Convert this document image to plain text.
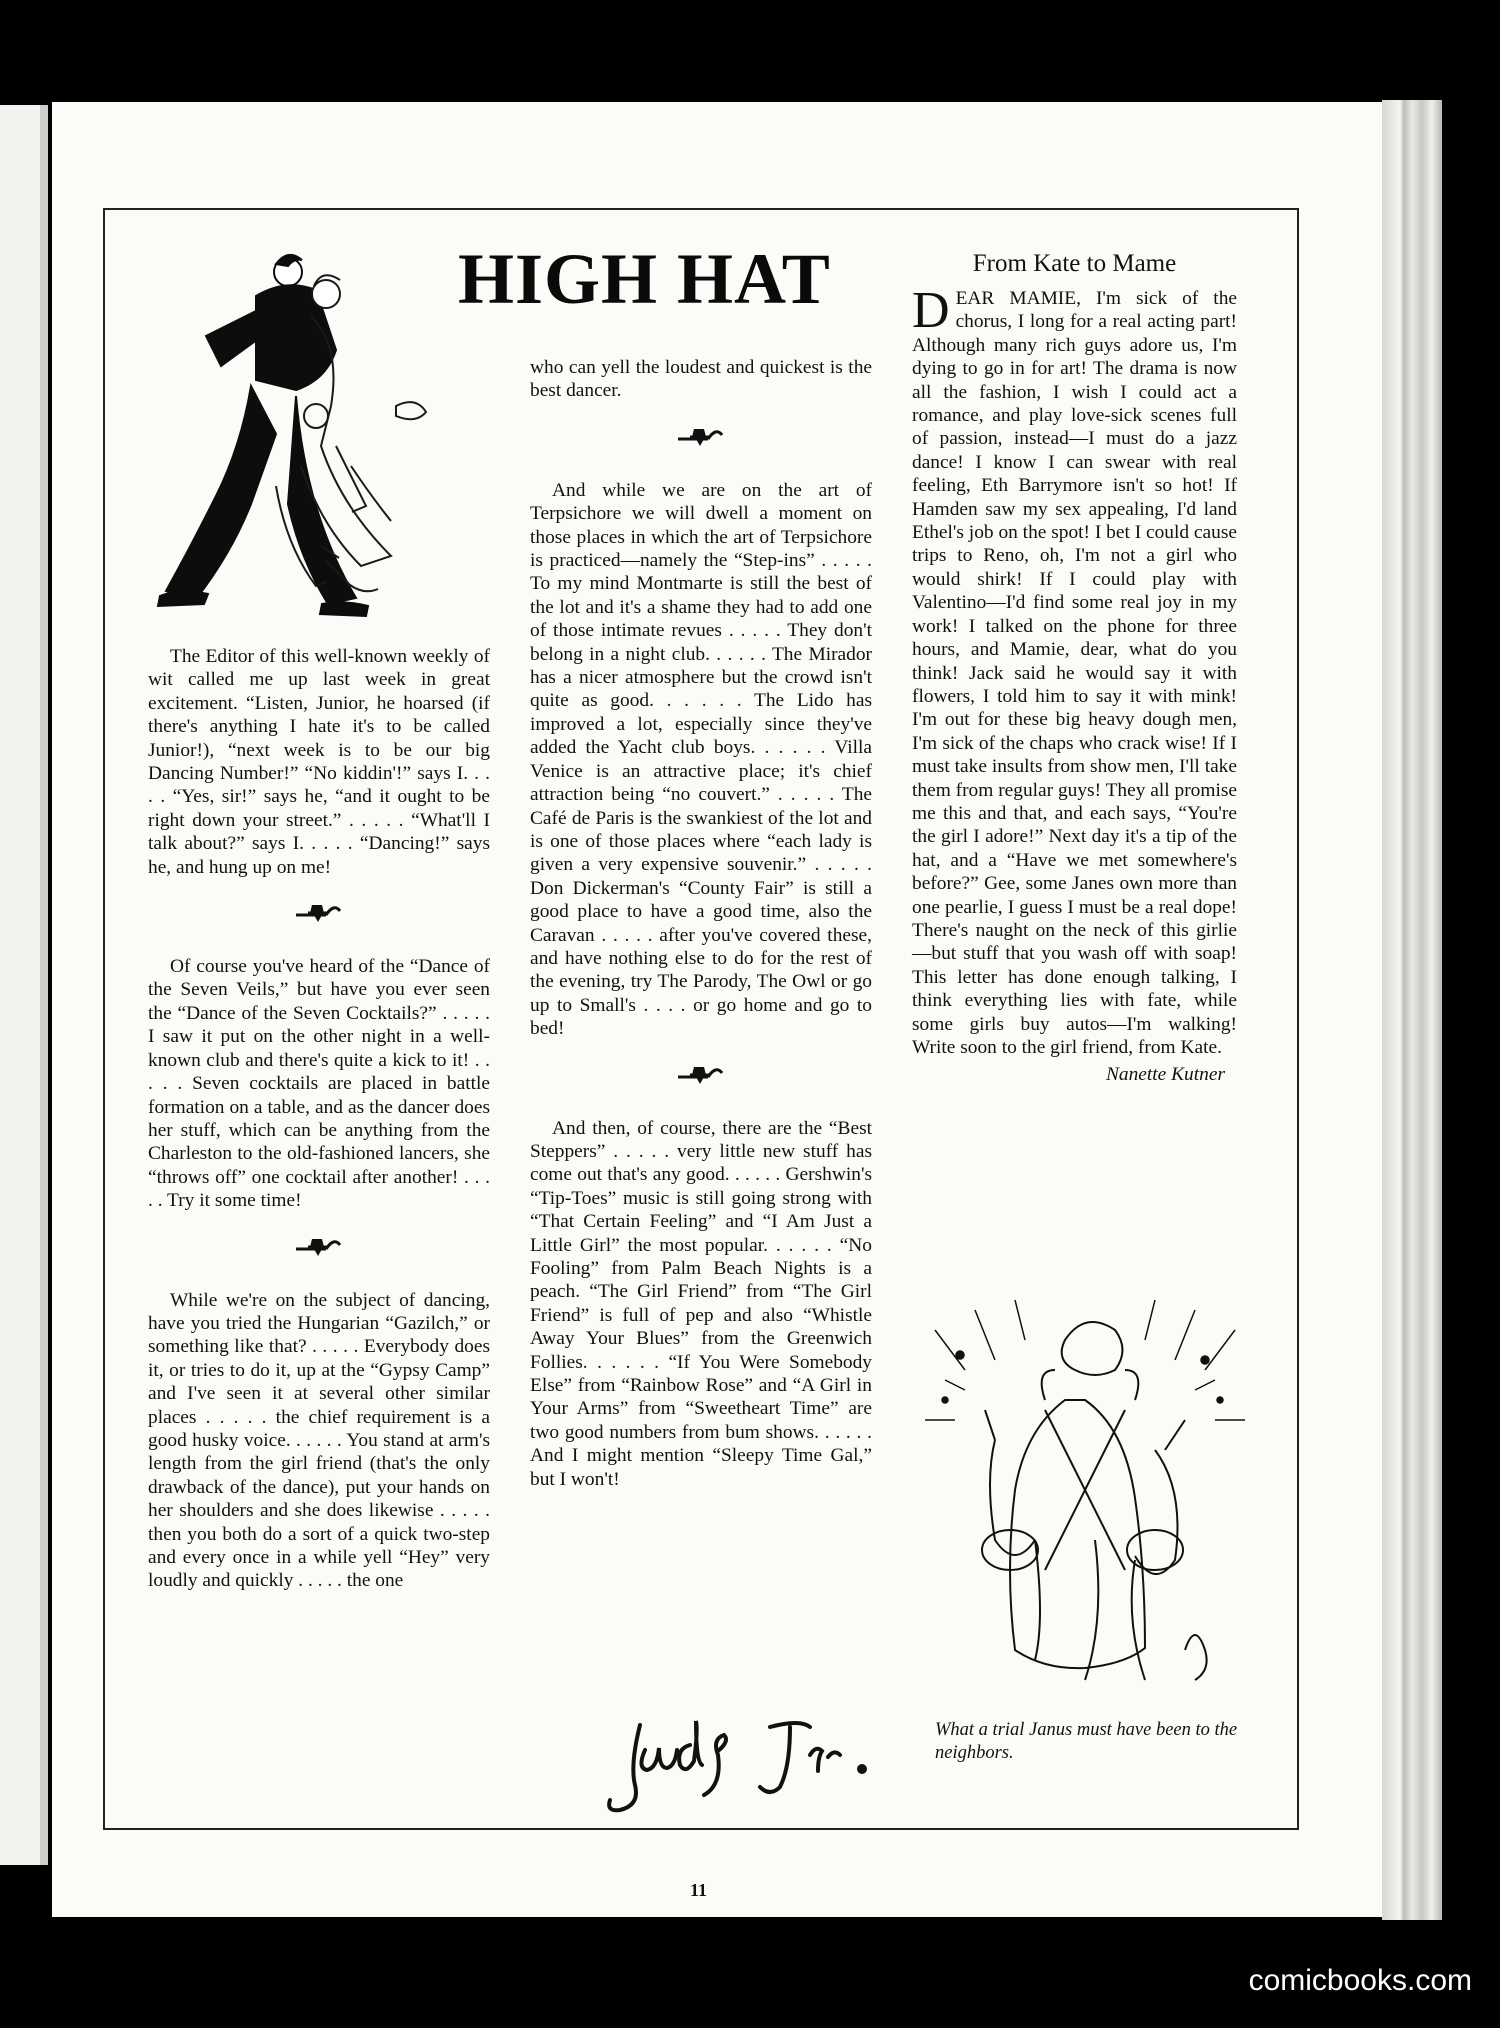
HIGH HAT

The Editor of this well-known weekly of wit called me up last week in great excitement. “Listen, Junior, he hoarsed (if there's anything I hate it's to be called Junior!), “next week is to be our big Dancing Number!” “No kiddin'!” says I. . . . . “Yes, sir!” says he, “and it ought to be right down your street.” . . . . . “What'll I talk about?” says I. . . . . “Dancing!” says he, and hung up on me!

Of course you've heard of the “Dance of the Seven Veils,” but have you ever seen the “Dance of the Seven Cocktails?” . . . . . I saw it put on the other night in a well-known club and there's quite a kick to it! . . . . . Seven cocktails are placed in battle formation on a table, and as the dancer does her stuff, which can be anything from the Charleston to the old-fashioned lancers, she “throws off” one cocktail after another! . . . . . Try it some time!

While we're on the subject of dancing, have you tried the Hungarian “Gazilch,” or something like that? . . . . . Everybody does it, or tries to do it, up at the “Gypsy Camp” and I've seen it at several other similar places . . . . . the chief requirement is a good husky voice. . . . . . You stand at arm's length from the girl friend (that's the only drawback of the dance), put your hands on her shoulders and she does likewise . . . . . then you both do a sort of a quick two-step and every once in a while yell “Hey” very loudly and quickly . . . . . the one

who can yell the loudest and quickest is the best dancer.

And while we are on the art of Terpsichore we will dwell a moment on those places in which the art of Terpsichore is practiced—namely the “Step-ins” . . . . . To my mind Montmarte is still the best of the lot and it's a shame they had to add one of those intimate revues . . . . . They don't belong in a night club. . . . . . The Mirador has a nicer atmosphere but the crowd isn't quite as good. . . . . . The Lido has improved a lot, especially since they've added the Yacht club boys. . . . . . Villa Venice is an attractive place; it's chief attraction being “no couvert.” . . . . . The Café de Paris is the swankiest of the lot and is one of those places where “each lady is given a very expensive souvenir.” . . . . . Don Dickerman's “County Fair” is still a good place to have a good time, also the Caravan . . . . . after you've covered these, and have nothing else to do for the rest of the evening, try The Parody, The Owl or go up to Small's . . . . or go home and go to bed!

And then, of course, there are the “Best Steppers” . . . . . very little new stuff has come out that's any good. . . . . . Gershwin's “Tip-Toes” music is still going strong with “That Certain Feeling” and “I Am Just a Little Girl” the most popular. . . . . . “No Fooling” from Palm Beach Nights is a peach. “The Girl Friend” from “The Girl Friend” is full of pep and also “Whistle Away Your Blues” from the Greenwich Follies. . . . . . “If You Were Somebody Else” from “Rainbow Rose” and “A Girl in Your Arms” from “Sweetheart Time” are two good numbers from bum shows. . . . . . And I might mention “Sleepy Time Gal,” but I won't!

From Kate to Mame

DEAR MAMIE, I'm sick of the chorus, I long for a real acting part! Although many rich guys adore us, I'm dying to go in for art! The drama is now all the fashion, I wish I could act a romance, and play love-sick scenes full of passion, instead—I must do a jazz dance! I know I can swear with real feeling, Eth Barrymore isn't so hot! If Hamden saw my sex appealing, I'd land Ethel's job on the spot! I bet I could cause trips to Reno, oh, I'm not a girl who would shirk! If I could play with Valentino—I'd find some real joy in my work! I talked on the phone for three hours, and Mamie, dear, what do you think! Jack said he would say it with flowers, I told him to say it with mink! I'm out for these big heavy dough men, I'm sick of the chaps who crack wise! If I must take insults from show men, I'll take them from regular guys! They all promise me this and that, and each says, “You're the girl I adore!” Next day it's a tip of the hat, and a “Have we met somewhere's before?” Gee, some Janes own more than one pearlie, I guess I must be a real dope! There's naught on the neck of this girlie—but stuff that you wash off with soap! This letter has done enough talking, I think everything lies with fate, while some girls buy autos—I'm walking! Write soon to the girl friend, from Kate.

Nanette Kutner
What a trial Janus must have been to the neighbors.
11
comicbooks.com
